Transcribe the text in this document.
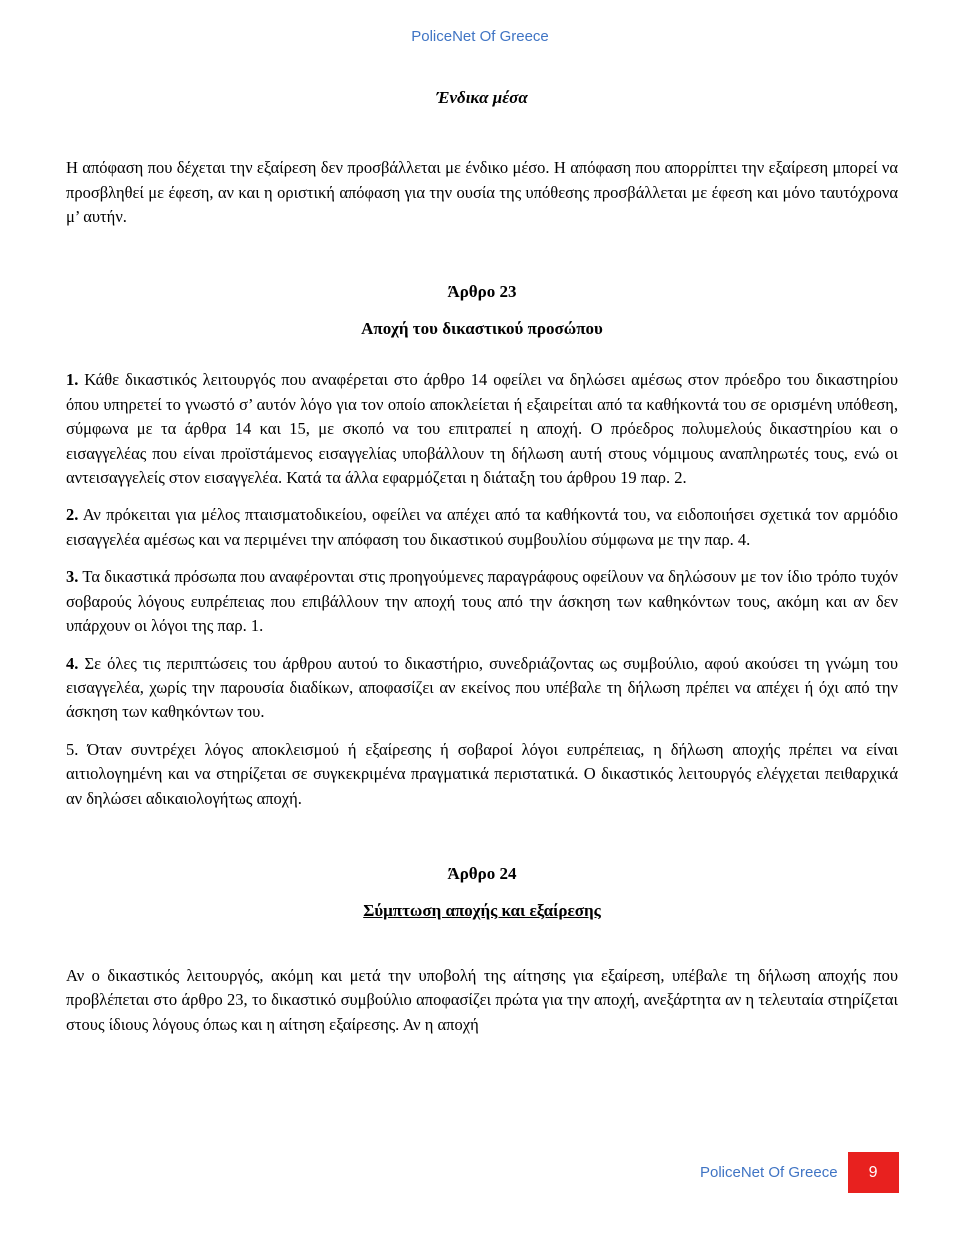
PoliceNet Of Greece
Ένδικα μέσα

Η απόφαση που δέχεται την εξαίρεση δεν προσβάλλεται με ένδικο μέσο. Η απόφαση που απορρίπτει την εξαίρεση μπορεί να προσβληθεί με έφεση, αν και η οριστική απόφαση για την ουσία της υπόθεσης προσβάλλεται με έφεση και μόνο ταυτόχρονα μ’ αυτήν.

Άρθρο 23
Αποχή του δικαστικού προσώπου

1. Κάθε δικαστικός λειτουργός που αναφέρεται στο άρθρο 14 οφείλει να δηλώσει αμέσως στον πρόεδρο του δικαστηρίου όπου υπηρετεί το γνωστό σ’ αυτόν λόγο για τον οποίο αποκλείεται ή εξαιρείται από τα καθήκοντά του σε ορισμένη υπόθεση, σύμφωνα με τα άρθρα 14 και 15, με σκοπό να του επιτραπεί η αποχή. Ο πρόεδρος πολυμελούς δικαστηρίου και ο εισαγγελέας που είναι προϊστάμενος εισαγγελίας υποβάλλουν τη δήλωση αυτή στους νόμιμους αναπληρωτές τους, ενώ οι αντεισαγγελείς στον εισαγγελέα. Κατά τα άλλα εφαρμόζεται η διάταξη του άρθρου 19 παρ. 2.

2. Αν πρόκειται για μέλος πταισματοδικείου, οφείλει να απέχει από τα καθήκοντά του, να ειδοποιήσει σχετικά τον αρμόδιο εισαγγελέα αμέσως και να περιμένει την απόφαση του δικαστικού συμβουλίου σύμφωνα με την παρ. 4.

3. Τα δικαστικά πρόσωπα που αναφέρονται στις προηγούμενες παραγράφους οφείλουν να δηλώσουν με τον ίδιο τρόπο τυχόν σοβαρούς λόγους ευπρέπειας που επιβάλλουν την αποχή τους από την άσκηση των καθηκόντων τους, ακόμη και αν δεν υπάρχουν οι λόγοι της παρ. 1.

4. Σε όλες τις περιπτώσεις του άρθρου αυτού το δικαστήριο, συνεδριάζοντας ως συμβούλιο, αφού ακούσει τη γνώμη του εισαγγελέα, χωρίς την παρουσία διαδίκων, αποφασίζει αν εκείνος που υπέβαλε τη δήλωση πρέπει να απέχει ή όχι από την άσκηση των καθηκόντων του.

5. Όταν συντρέχει λόγος αποκλεισμού ή εξαίρεσης ή σοβαροί λόγοι ευπρέπειας, η δήλωση αποχής πρέπει να είναι αιτιολογημένη και να στηρίζεται σε συγκεκριμένα πραγματικά περιστατικά. Ο δικαστικός λειτουργός ελέγχεται πειθαρχικά αν δηλώσει αδικαιολογήτως αποχή.

Άρθρο 24
Σύμπτωση αποχής και εξαίρεσης

Αν ο δικαστικός λειτουργός, ακόμη και μετά την υποβολή της αίτησης για εξαίρεση, υπέβαλε τη δήλωση αποχής που προβλέπεται στο άρθρο 23, το δικαστικό συμβούλιο αποφασίζει πρώτα για την αποχή, ανεξάρτητα αν η τελευταία στηρίζεται στους ίδιους λόγους όπως και η αίτηση εξαίρεσης. Αν η αποχή

PoliceNet Of Greece	9
